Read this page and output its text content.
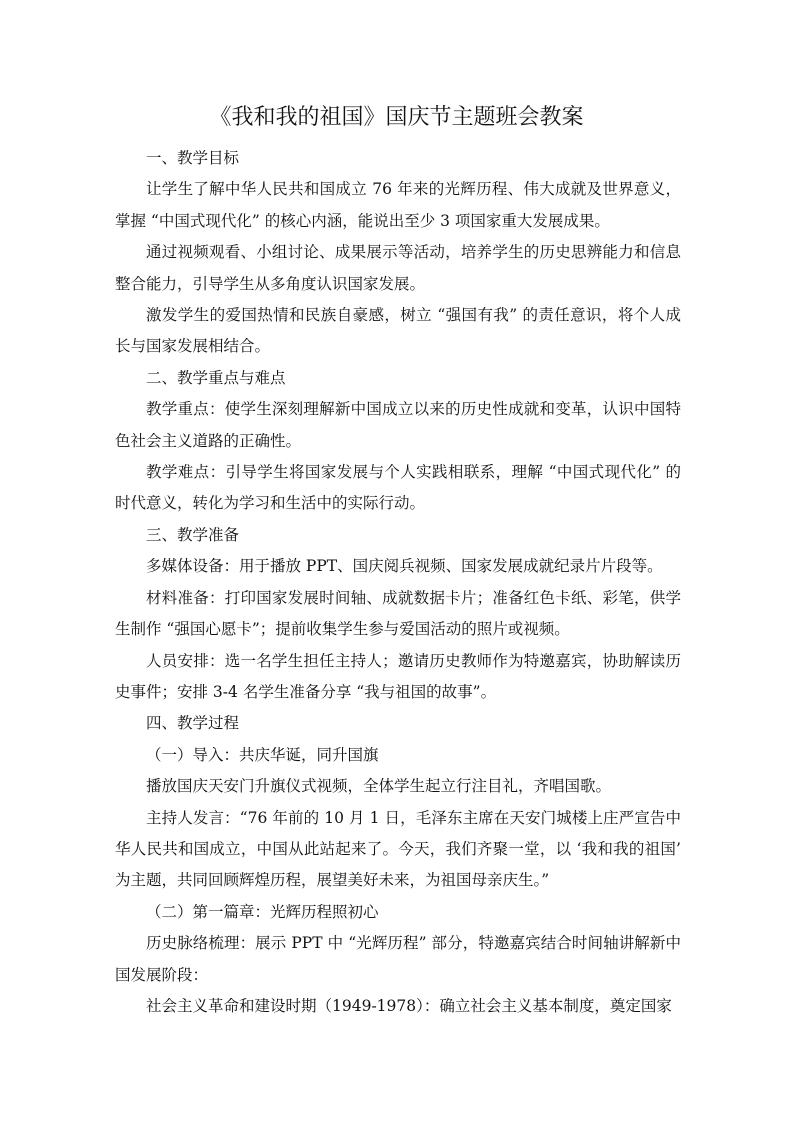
《我和我的祖国》国庆节主题班会教案

一、教学目标

让学生了解中华人民共和国成立 76 年来的光辉历程、伟大成就及世界意义，掌握 “中国式现代化” 的核心内涵，能说出至少 3 项国家重大发展成果。

通过视频观看、小组讨论、成果展示等活动，培养学生的历史思辨能力和信息整合能力，引导学生从多角度认识国家发展。

激发学生的爱国热情和民族自豪感，树立 “强国有我” 的责任意识，将个人成长与国家发展相结合。

二、教学重点与难点

教学重点：使学生深刻理解新中国成立以来的历史性成就和变革，认识中国特色社会主义道路的正确性。

教学难点：引导学生将国家发展与个人实践相联系，理解 “中国式现代化” 的时代意义，转化为学习和生活中的实际行动。

三、教学准备

多媒体设备：用于播放 PPT、国庆阅兵视频、国家发展成就纪录片片段等。

材料准备：打印国家发展时间轴、成就数据卡片；准备红色卡纸、彩笔，供学生制作 “强国心愿卡”；提前收集学生参与爱国活动的照片或视频。

人员安排：选一名学生担任主持人；邀请历史教师作为特邀嘉宾，协助解读历史事件；安排 3-4 名学生准备分享 “我与祖国的故事”。

四、教学过程

（一）导入：共庆华诞，同升国旗

播放国庆天安门升旗仪式视频，全体学生起立行注目礼，齐唱国歌。

主持人发言：“76 年前的 10 月 1 日，毛泽东主席在天安门城楼上庄严宣告中华人民共和国成立，中国从此站起来了。今天，我们齐聚一堂，以 ‘我和我的祖国’ 为主题，共同回顾辉煌历程，展望美好未来，为祖国母亲庆生。”

（二）第一篇章：光辉历程照初心

历史脉络梳理：展示 PPT 中 “光辉历程” 部分，特邀嘉宾结合时间轴讲解新中国发展阶段：

社会主义革命和建设时期（1949-1978）：确立社会主义基本制度，奠定国家
